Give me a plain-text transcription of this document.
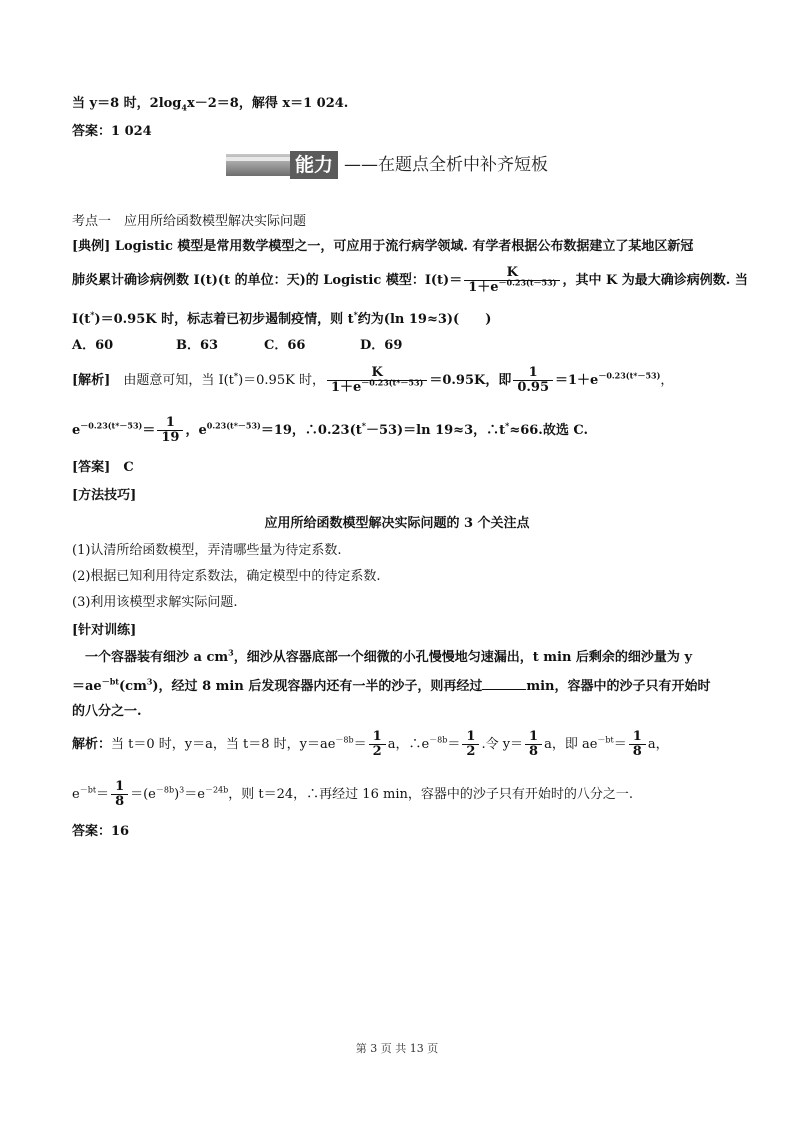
当 y＝8 时，$2\log_4x-2=8$，解得 x＝1 024.
答案：1 024
能力 ——在题点全析中补齐短板
考点一　应用所给函数模型解决实际问题
[典例] Logistic 模型是常用数学模型之一，可应用于流行病学领域. 有学者根据公布数据建立了某地区新冠
肺炎累计确诊病例数 I(t)(t 的单位：天)的 Logistic 模型：$I(t)= \frac{K}{1+e^{-0.23(t-53)}}$ ，其中 K 为最大确诊病例数. 当
I(t*)＝0.95K 时，标志着已初步遏制疫情，则 t*约为(ln 19≈3)(　　)
A．60	B．63	C．66	D．69
[解析]　由题意可知，当 I(t*)＝0.95K 时， $\frac{K}{1+e^{-0.23(t*-53)}} =0.95K$，即 $\frac{1}{0.95} =1+e^{-0.23(t*-53)}$，
$e^{-0.23(t*-53)}= \frac{1}{19}$ ，$e^{0.23(t*-53)}=19$，∴0.23(t*－53)＝ln 19≈3，∴t*≈66.故选 C.
[答案]　C
[方法技巧]
应用所给函数模型解决实际问题的 3 个关注点
(1)认清所给函数模型，弄清哪些量为待定系数.
(2)根据已知利用待定系数法，确定模型中的待定系数.
(3)利用该模型求解实际问题.
[针对训练]
　一个容器装有细沙 a $cm^3$，细沙从容器底部一个细微的小孔慢慢地匀速漏出，t min 后剩余的细沙量为 y
$=ae^{-bt}(cm^3)$，经过 8 min 后发现容器内还有一半的沙子，则再经过	min，容器中的沙子只有开始时
的八分之一.
解析：当 t＝0 时，y＝a，当 t＝8 时，$y=ae^{-8b}= \frac{1}{2}$ a，$\therefore e^{-8b}= \frac{1}{2}$ .令 $y= \frac{1}{8}$ a，即 $ae^{-bt}= \frac{1}{8}$ a，
$e^{-bt}= \frac{1}{8} =(e^{-8b})^3=e^{-24b}$，则 t＝24，∴再经过 16 min，容器中的沙子只有开始时的八分之一.
答案：16
第 3 页 共 13 页
